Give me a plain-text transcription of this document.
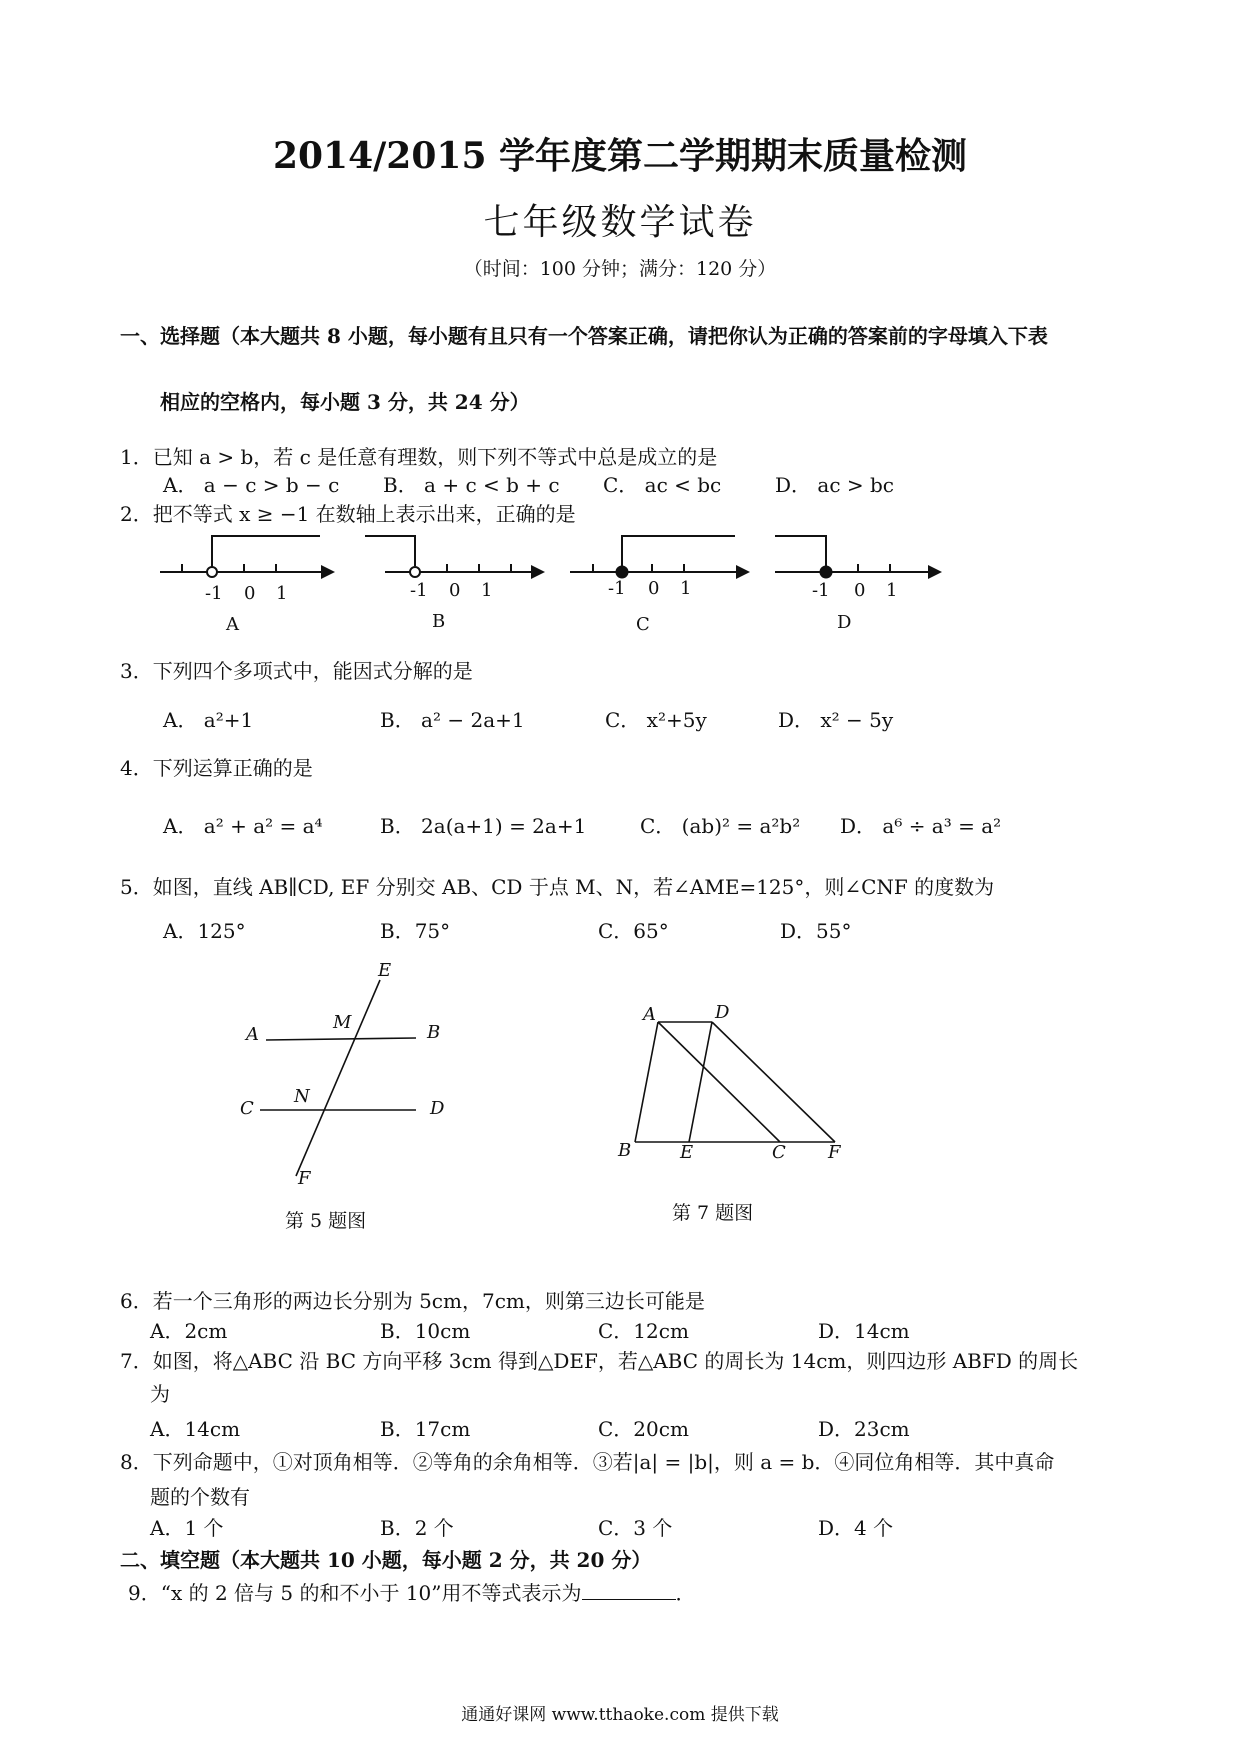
2014/2015 学年度第二学期期末质量检测
七年级数学试卷
（时间：100 分钟；满分：120 分）
一、选择题（本大题共 8 小题，每小题有且只有一个答案正确，请把你认为正确的答案前的字母填入下表
相应的空格内，每小题 3 分，共 24 分）
1．已知 a > b，若 c 是任意有理数，则下列不等式中总是成立的是
A． a − c > b − c B． a + c < b + c C． ac < bc	D． ac > bc
2．把不等式 x ≥ −1 在数轴上表示出来，正确的是
-1 0 1
A
-1 0 1
B
-1 0 1
C
-1 0 1
D
3．下列四个多项式中，能因式分解的是
A． a²+1	B． a² − 2a+1	C． x²+5y	D． x² − 5y
4．下列运算正确的是
A． a² + a² = a⁴	B． 2a(a+1) = 2a+1	C． (ab)² = a²b² D． a⁶ ÷ a³ = a²
5．如图，直线 AB∥CD, EF 分别交 AB、CD 于点 M、N，若∠AME=125°，则∠CNF 的度数为
A．125°	B．75°	C．65°	D．55°
E
M
A	B
N
C	D
F
第 5 题图
A	D
B	E	C F
第 7 题图
6．若一个三角形的两边长分别为 5cm，7cm，则第三边长可能是
A．2cm	B．10cm	C．12cm	D．14cm
7．如图，将△ABC 沿 BC 方向平移 3cm 得到△DEF，若△ABC 的周长为 14cm，则四边形 ABFD 的周长
为
A．14cm	B．17cm	C．20cm	D．23cm
8．下列命题中，①对顶角相等．②等角的余角相等．③若|a| = |b|，则 a = b．④同位角相等．其中真命
题的个数有
A．1 个	B．2 个	C．3 个	D．4 个
二、填空题（本大题共 10 小题，每小题 2 分，共 20 分）
9．“x 的 2 倍与 5 的和不小于 10”用不等式表示为	．
通通好课网 www.tthaoke.com 提供下载
